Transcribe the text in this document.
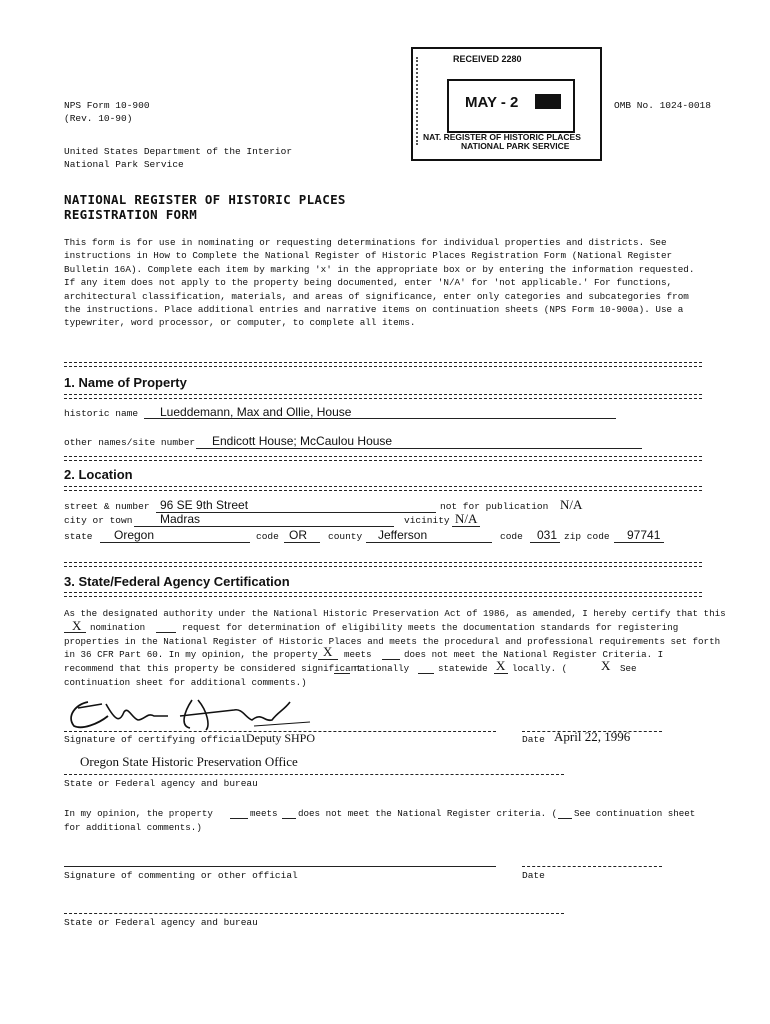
NPS Form 10-900
(Rev. 10-90)
United States Department of the Interior
National Park Service
OMB No. 1024-0018
RECEIVED 2280
MAY - 2
NAT. REGISTER OF HISTORIC PLACES
NATIONAL PARK SERVICE
NATIONAL REGISTER OF HISTORIC PLACES
REGISTRATION FORM
This form is for use in nominating or requesting determinations for individual properties and districts. See instructions in How to Complete the National Register of Historic Places Registration Form (National Register Bulletin 16A). Complete each item by marking 'x' in the appropriate box or by entering the information requested. If any item does not apply to the property being documented, enter 'N/A' for 'not applicable.' For functions, architectural classification, materials, and areas of significance, enter only categories and subcategories from the instructions. Place additional entries and narrative items on continuation sheets (NPS Form 10-900a). Use a typewriter, word processor, or computer, to complete all items.
1. Name of Property
historic name Lueddemann, Max and Ollie, House
other names/site number Endicott House; McCaulou House
2. Location
street & number 96 SE 9th Street	not for publication N/A
city or town Madras	vicinity N/A
state Oregon	code OR county Jefferson	code 031 zip code 97741
3. State/Federal Agency Certification
As the designated authority under the National Historic Preservation Act of 1986, as amended, I hereby certify that this
X nomination	request for determination of eligibility meets the documentation standards for registering
properties in the National Register of Historic Places and meets the procedural and professional requirements set forth
in 36 CFR Part 60. In my opinion, the property X meets	does not meet the National Register Criteria. I
recommend that this property be considered significant
nationally	statewide X locally. (	X See
continuation sheet for additional comments.)
Signature of certifying official Deputy SHPO	Date April 22, 1996
Oregon State Historic Preservation Office
State or Federal agency and bureau
In my opinion, the property	meets does not meet the National Register criteria. ( See continuation sheet
for additional comments.)
Signature of commenting or other official	Date
State or Federal agency and bureau
